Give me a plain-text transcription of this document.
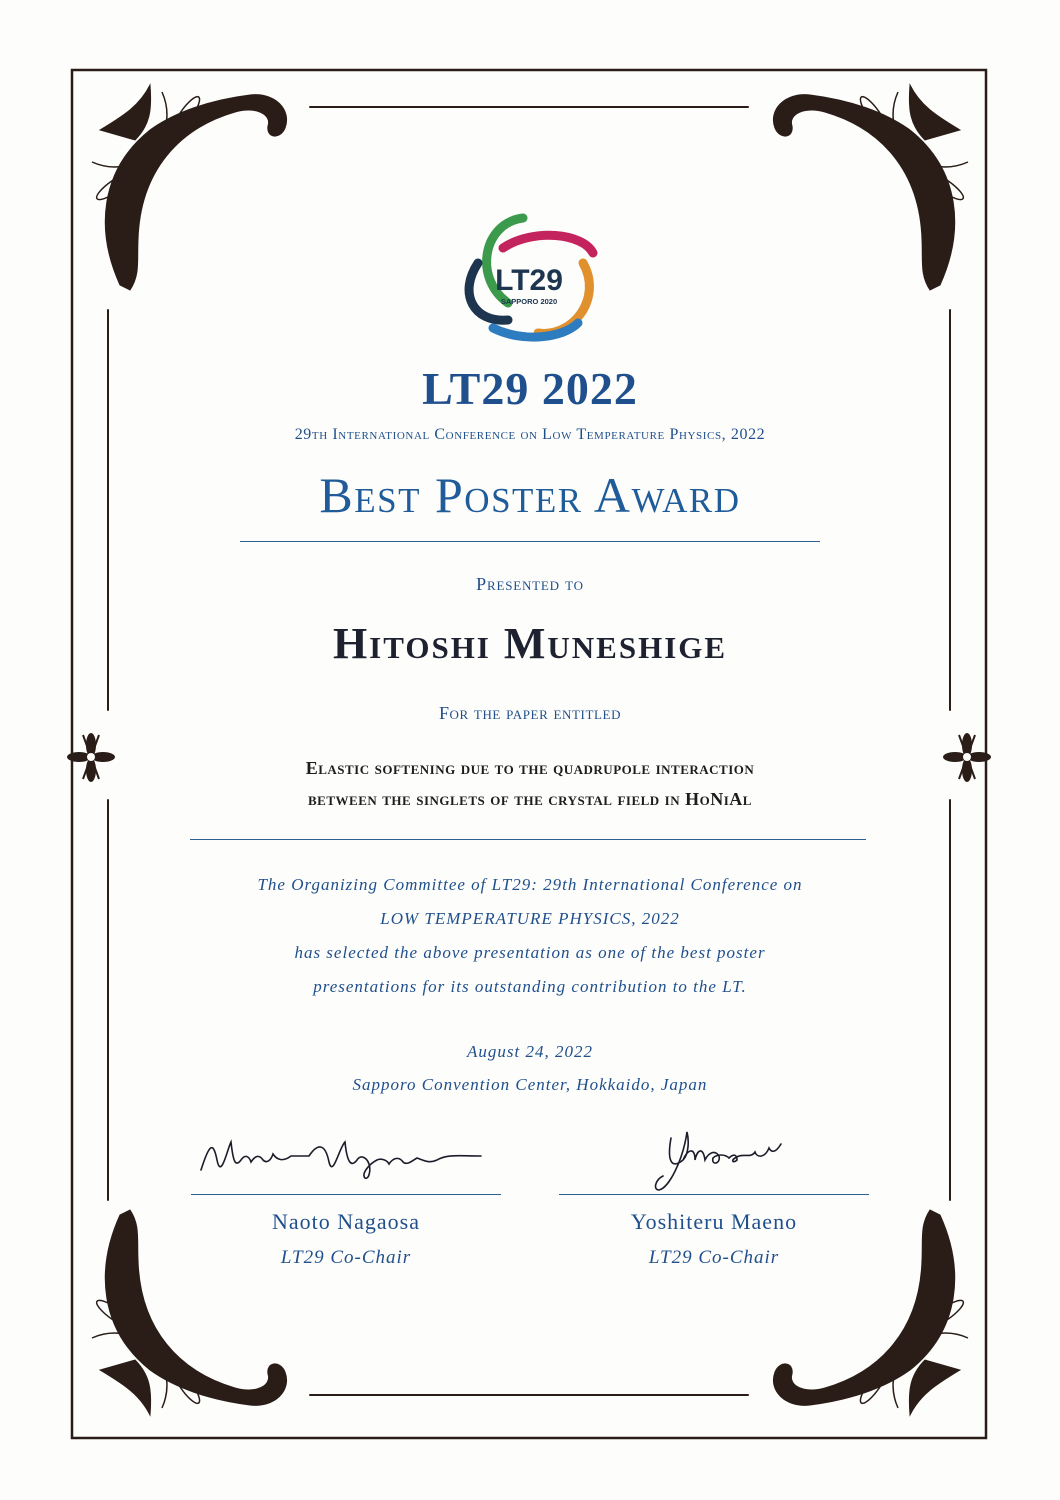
LT29
SAPPORO 2020
LT29 2022
29th International Conference on Low Temperature Physics, 2022
Best Poster Award
Presented to
Hitoshi Muneshige
For the paper entitled
Elastic softening due to the quadrupole interaction
between the singlets of the crystal field in HoNiAl
The Organizing Committee of LT29: 29th International Conference on
LOW TEMPERATURE PHYSICS, 2022
has selected the above presentation as one of the best poster
presentations for its outstanding contribution to the LT.
August 24, 2022
Sapporo Convention Center, Hokkaido, Japan
Naoto Nagaosa
LT29 Co-Chair
Yoshiteru Maeno
LT29 Co-Chair
